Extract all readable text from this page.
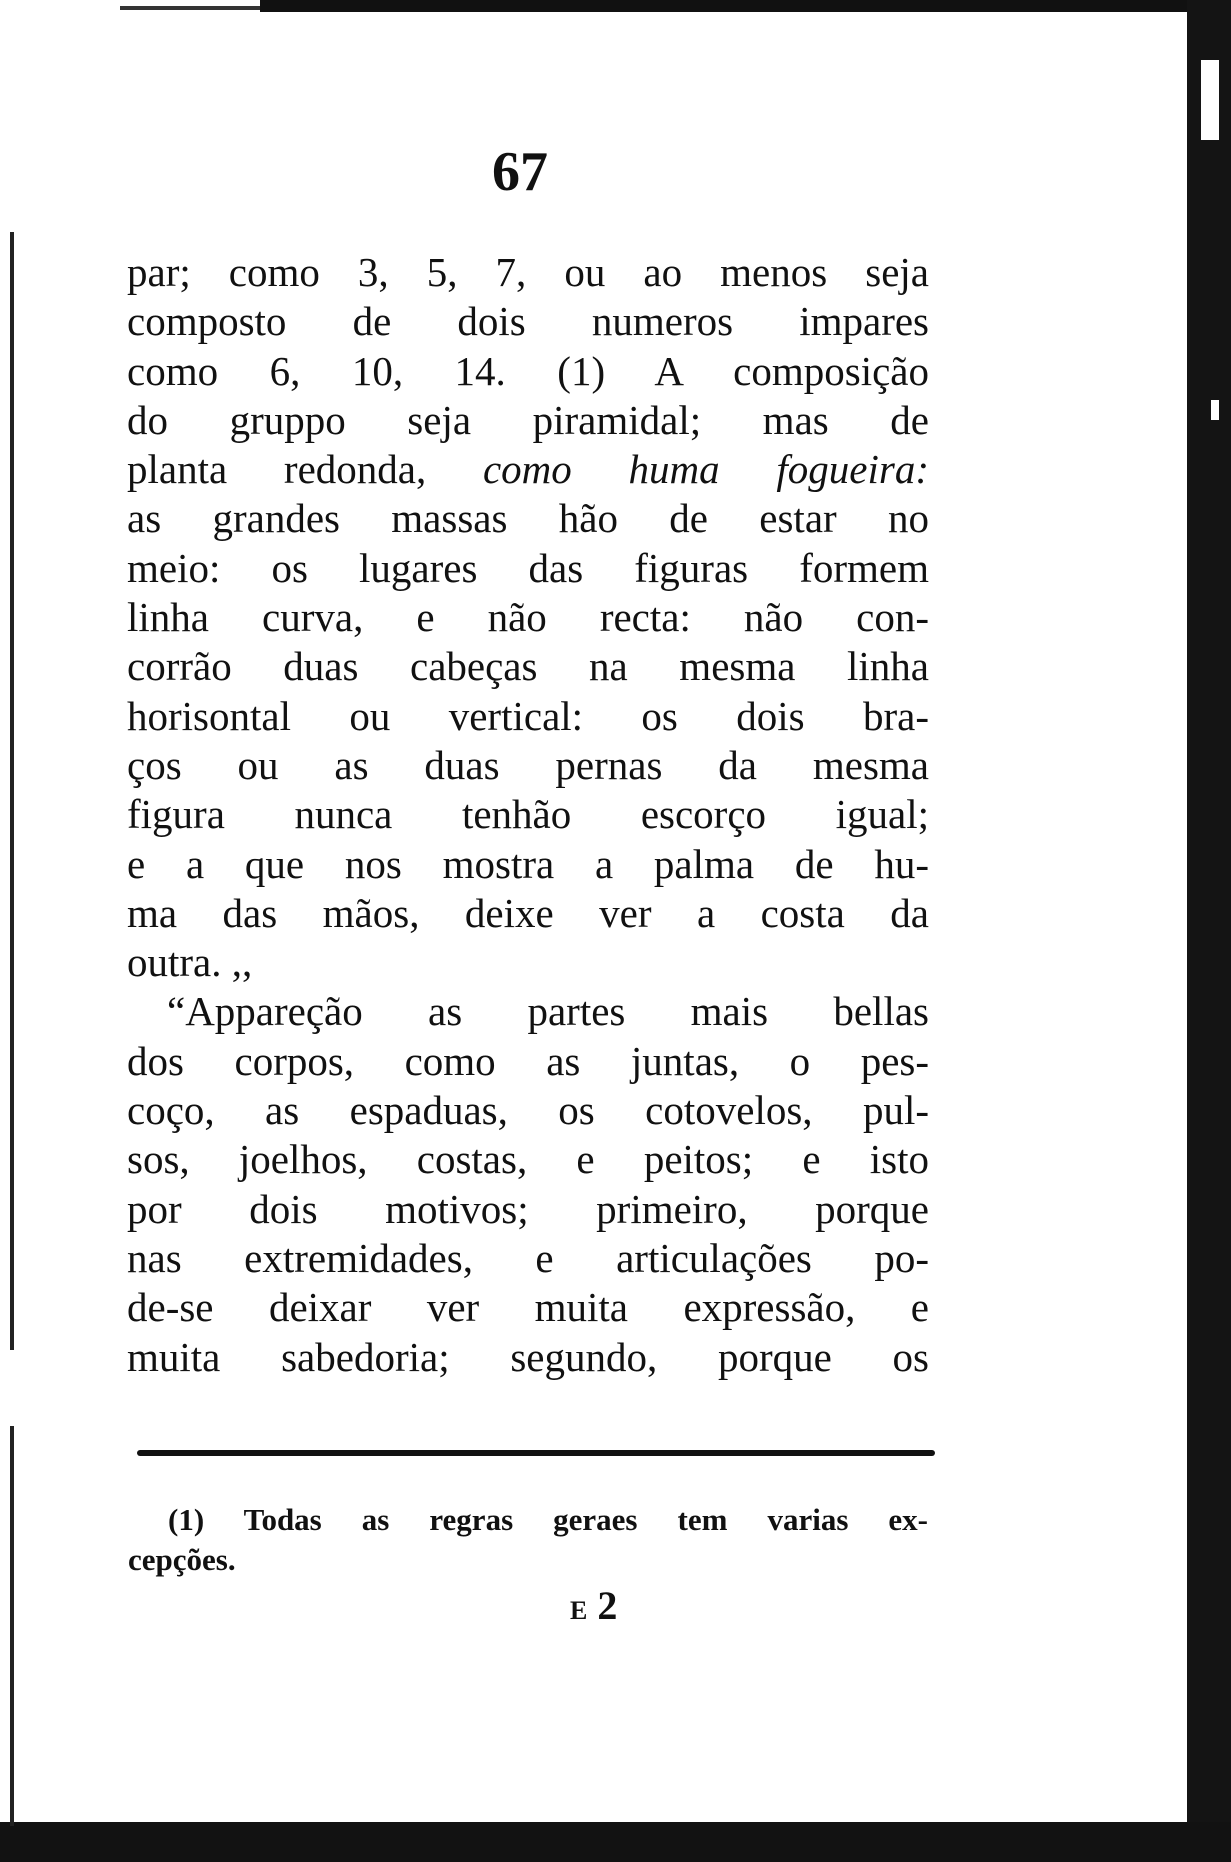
67
par; como 3, 5, 7, ou ao menos seja
composto de dois numeros impares
como 6, 10, 14. (1) A composição
do gruppo seja piramidal; mas de
planta redonda, como huma fogueira:
as grandes massas hão de estar no
meio: os lugares das figuras formem
linha curva, e não recta: não con-
corrão duas cabeças na mesma linha
horisontal ou vertical: os dois bra-
ços ou as duas pernas da mesma
figura nunca tenhão escorço igual;
e a que nos mostra a palma de hu-
ma das mãos, deixe ver a costa da
outra. ,,
“Appareção as partes mais bellas
dos corpos, como as juntas, o pes-
coço, as espaduas, os cotovelos, pul-
sos, joelhos, costas, e peitos; e isto
por dois motivos; primeiro, porque
nas extremidades, e articulações po-
de-se deixar ver muita expressão, e
muita sabedoria; segundo, porque os
(1) Todas as regras geraes tem varias ex-
cepções.
E 2
